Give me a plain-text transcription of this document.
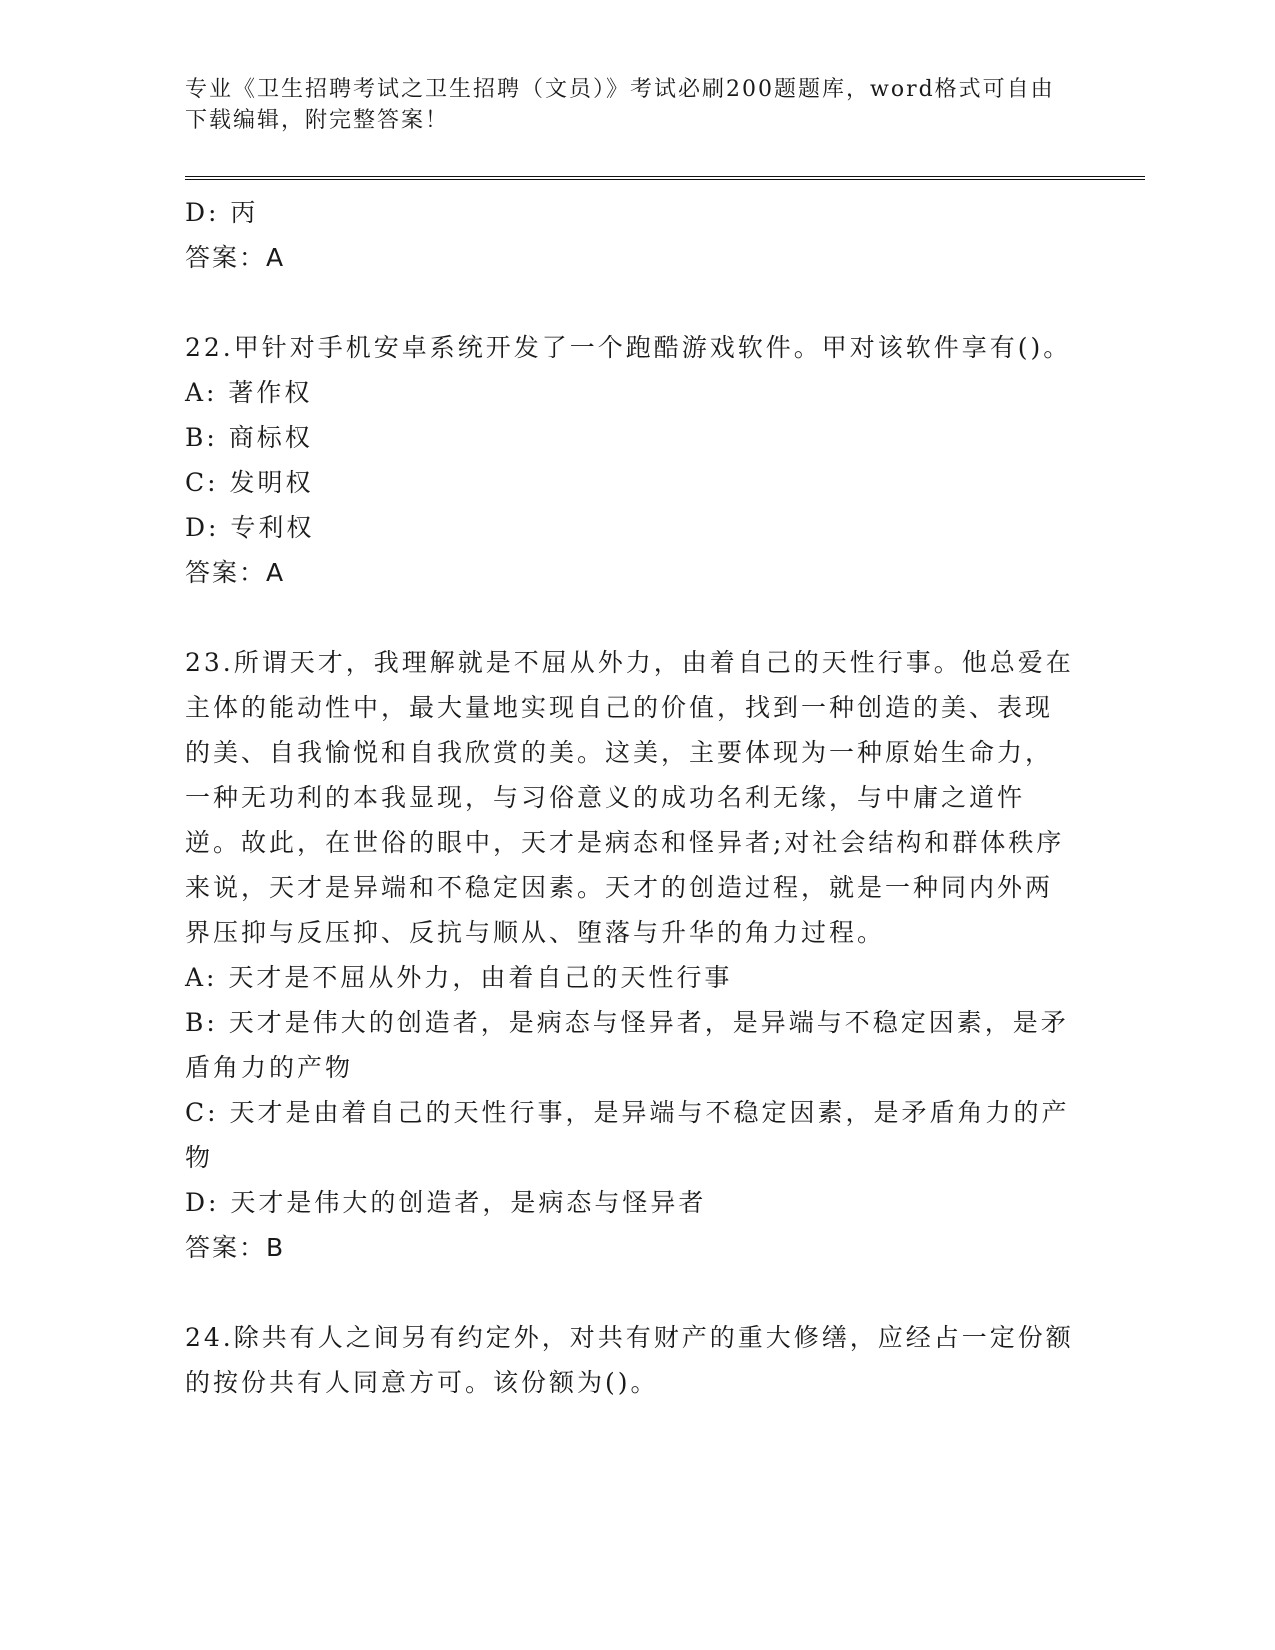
专业《卫生招聘考试之卫生招聘（文员）》考试必刷200题题库，word格式可自由下载编辑，附完整答案！
D: 丙
答案：A
22.甲针对手机安卓系统开发了一个跑酷游戏软件。甲对该软件享有()。
A: 著作权
B: 商标权
C: 发明权
D: 专利权
答案：A
23.所谓天才，我理解就是不屈从外力，由着自己的天性行事。他总爱在主体的能动性中，最大量地实现自己的价值，找到一种创造的美、表现的美、自我愉悦和自我欣赏的美。这美，主要体现为一种原始生命力，一种无功利的本我显现，与习俗意义的成功名利无缘，与中庸之道忤逆。故此，在世俗的眼中，天才是病态和怪异者;对社会结构和群体秩序来说，天才是异端和不稳定因素。天才的创造过程，就是一种同内外两界压抑与反压抑、反抗与顺从、堕落与升华的角力过程。
A: 天才是不屈从外力，由着自己的天性行事
B: 天才是伟大的创造者，是病态与怪异者，是异端与不稳定因素，是矛盾角力的产物
C: 天才是由着自己的天性行事，是异端与不稳定因素，是矛盾角力的产物
D: 天才是伟大的创造者，是病态与怪异者
答案：B
24.除共有人之间另有约定外，对共有财产的重大修缮，应经占一定份额的按份共有人同意方可。该份额为()。
